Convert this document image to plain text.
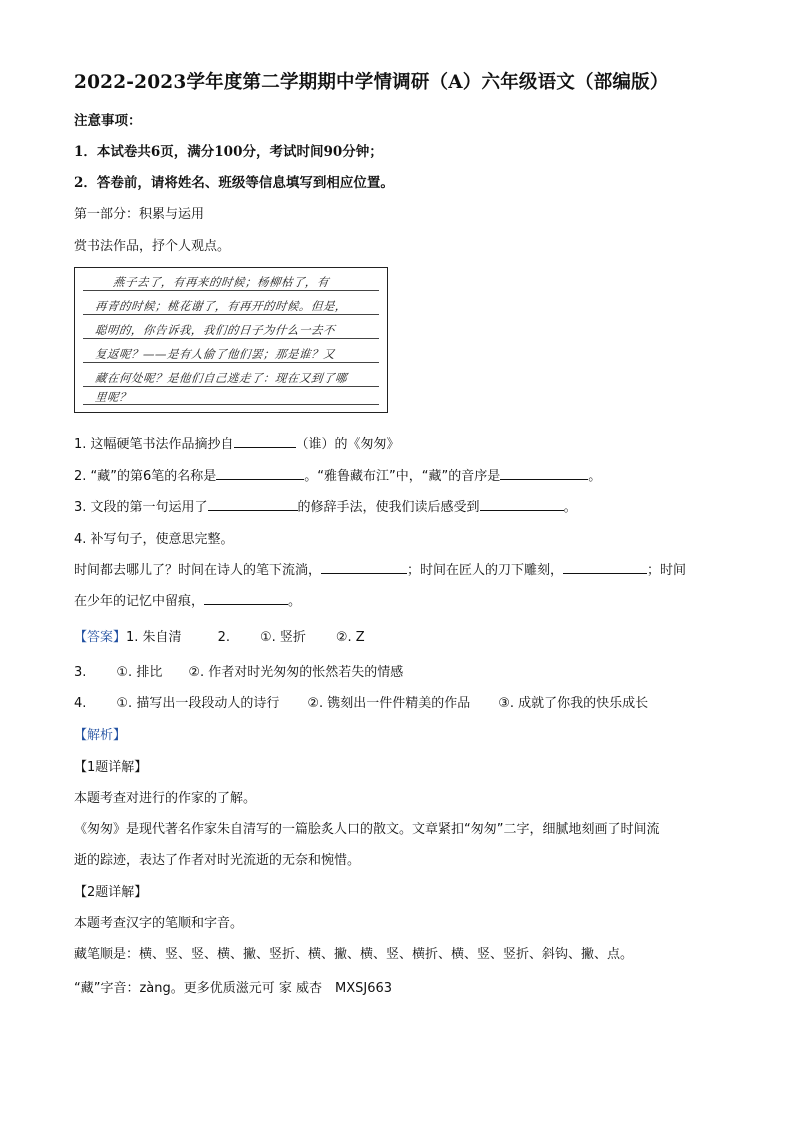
2022-2023学年度第二学期期中学情调研（A）六年级语文（部编版）
注意事项：
1．本试卷共6页，满分100分，考试时间90分钟；
2．答卷前，请将姓名、班级等信息填写到相应位置。
第一部分：积累与运用
赏书法作品，抒个人观点。
燕子去了，有再来的时候；杨柳枯了，有
再青的时候；桃花谢了，有再开的时候。但是，
聪明的，你告诉我，我们的日子为什么一去不
复返呢？——是有人偷了他们罢；那是谁？又
藏在何处呢？是他们自己逃走了：现在又到了哪
里呢？
1. 这幅硬笔书法作品摘抄自	（谁）的《匆匆》
2. “藏”的第6笔的名称是	。“雅鲁藏布江”中，“藏”的音序是	。
3. 文段的第一句运用了	的修辞手法，使我们读后感受到	。
4. 补写句子，使意思完整。
时间都去哪儿了？时间在诗人的笔下流淌，	；时间在匠人的刀下雕刻，	；时间
在少年的记忆中留痕，	。
【答案】1. 朱自清	2. ①. 竖折 ②. Z
3. ①. 排比 ②. 作者对时光匆匆的怅然若失的情感
4. ①. 描写出一段段动人的诗行 ②. 镌刻出一件件精美的作品 ③. 成就了你我的快乐成长
【解析】
【1题详解】
本题考查对进行的作家的了解。
《匆匆》是现代著名作家朱自清写的一篇脍炙人口的散文。文章紧扣“匆匆”二字，细腻地刻画了时间流
逝的踪迹，表达了作者对时光流逝的无奈和惋惜。
【2题详解】
本题考查汉字的笔顺和字音。
藏笔顺是：横、竖、竖、横、撇、竖折、横、撇、横、竖、横折、横、竖、竖折、斜钩、撇、点。
“藏”字音：zàng。更多优质滋元可 家 威杏　MXSJ663
